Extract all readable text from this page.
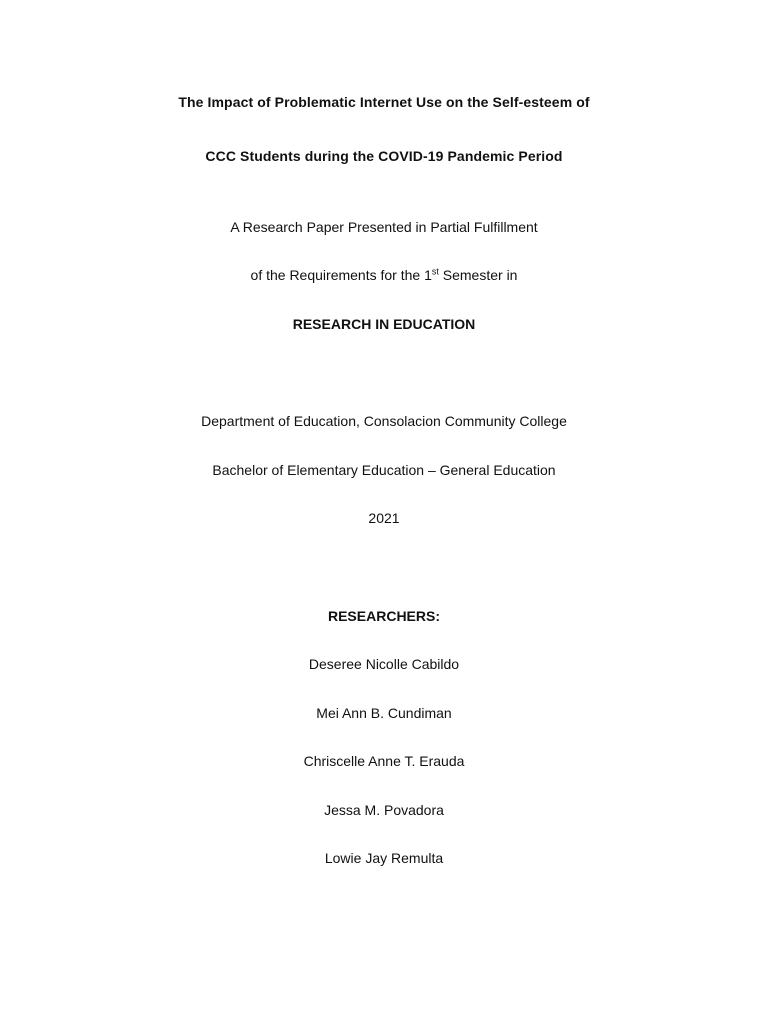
The Impact of Problematic Internet Use on the Self-esteem of
CCC Students during the COVID-19 Pandemic Period
A Research Paper Presented in Partial Fulfillment
of the Requirements for the 1st Semester in
RESEARCH IN EDUCATION
Department of Education, Consolacion Community College
Bachelor of Elementary Education – General Education
2021
RESEARCHERS:
Deseree Nicolle Cabildo
Mei Ann B. Cundiman
Chriscelle Anne T. Erauda
Jessa M. Povadora
Lowie Jay Remulta
